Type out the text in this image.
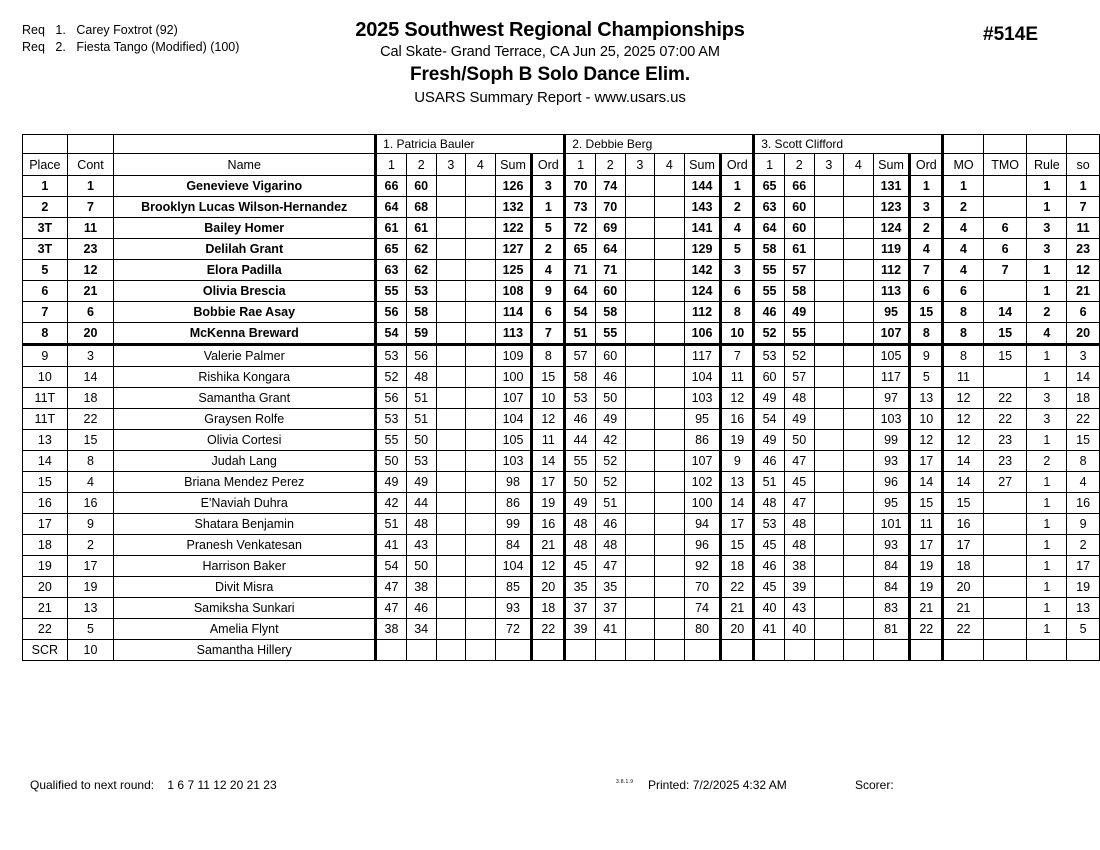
Req 1. Carey Foxtrot (92)
Req 2. Fiesta Tango (Modified) (100)
2025 Southwest Regional Championships
Cal Skate- Grand Terrace, CA Jun 25, 2025 07:00 AM
Fresh/Soph B Solo Dance Elim.
USARS Summary Report - www.usars.us
#514E
			1. Patricia Bauler						2. Debbie Berg						3. Scott Clifford									
Place	Cont	Name	1	2	3	4	Sum	Ord	1	2	3	4	Sum	Ord	1	2	3	4	Sum	Ord	MO	TMO	Rule	so
1	1	Genevieve Vigarino	66	60			126	3	70	74			144	1	65	66			131	1	1		1	1
2	7	Brooklyn Lucas Wilson-Hernandez	64	68			132	1	73	70			143	2	63	60			123	3	2		1	7
3T	11	Bailey Homer	61	61			122	5	72	69			141	4	64	60			124	2	4	6	3	11
3T	23	Delilah Grant	65	62			127	2	65	64			129	5	58	61			119	4	4	6	3	23
5	12	Elora Padilla	63	62			125	4	71	71			142	3	55	57			112	7	4	7	1	12
6	21	Olivia Brescia	55	53			108	9	64	60			124	6	55	58			113	6	6		1	21
7	6	Bobbie Rae Asay	56	58			114	6	54	58			112	8	46	49			95	15	8	14	2	6
8	20	McKenna Breward	54	59			113	7	51	55			106	10	52	55			107	8	8	15	4	20
9	3	Valerie Palmer	53	56			109	8	57	60			117	7	53	52			105	9	8	15	1	3
10	14	Rishika Kongara	52	48			100	15	58	46			104	11	60	57			117	5	11		1	14
11T	18	Samantha Grant	56	51			107	10	53	50			103	12	49	48			97	13	12	22	3	18
11T	22	Graysen Rolfe	53	51			104	12	46	49			95	16	54	49			103	10	12	22	3	22
13	15	Olivia Cortesi	55	50			105	11	44	42			86	19	49	50			99	12	12	23	1	15
14	8	Judah Lang	50	53			103	14	55	52			107	9	46	47			93	17	14	23	2	8
15	4	Briana Mendez Perez	49	49			98	17	50	52			102	13	51	45			96	14	14	27	1	4
16	16	E'Naviah Duhra	42	44			86	19	49	51			100	14	48	47			95	15	15		1	16
17	9	Shatara Benjamin	51	48			99	16	48	46			94	17	53	48			101	11	16		1	9
18	2	Pranesh Venkatesan	41	43			84	21	48	48			96	15	45	48			93	17	17		1	2
19	17	Harrison Baker	54	50			104	12	45	47			92	18	46	38			84	19	18		1	17
20	19	Divit Misra	47	38			85	20	35	35			70	22	45	39			84	19	20		1	19
21	13	Samiksha Sunkari	47	46			93	18	37	37			74	21	40	43			83	21	21		1	13
22	5	Amelia Flynt	38	34			72	22	39	41			80	20	41	40			81	22	22		1	5
SCR	10	Samantha Hillery																						
Qualified to next round: 1 6 7 11 12 20 21 23	3.8.1.9 Printed: 7/2/2025 4:32 AM	Scorer:
